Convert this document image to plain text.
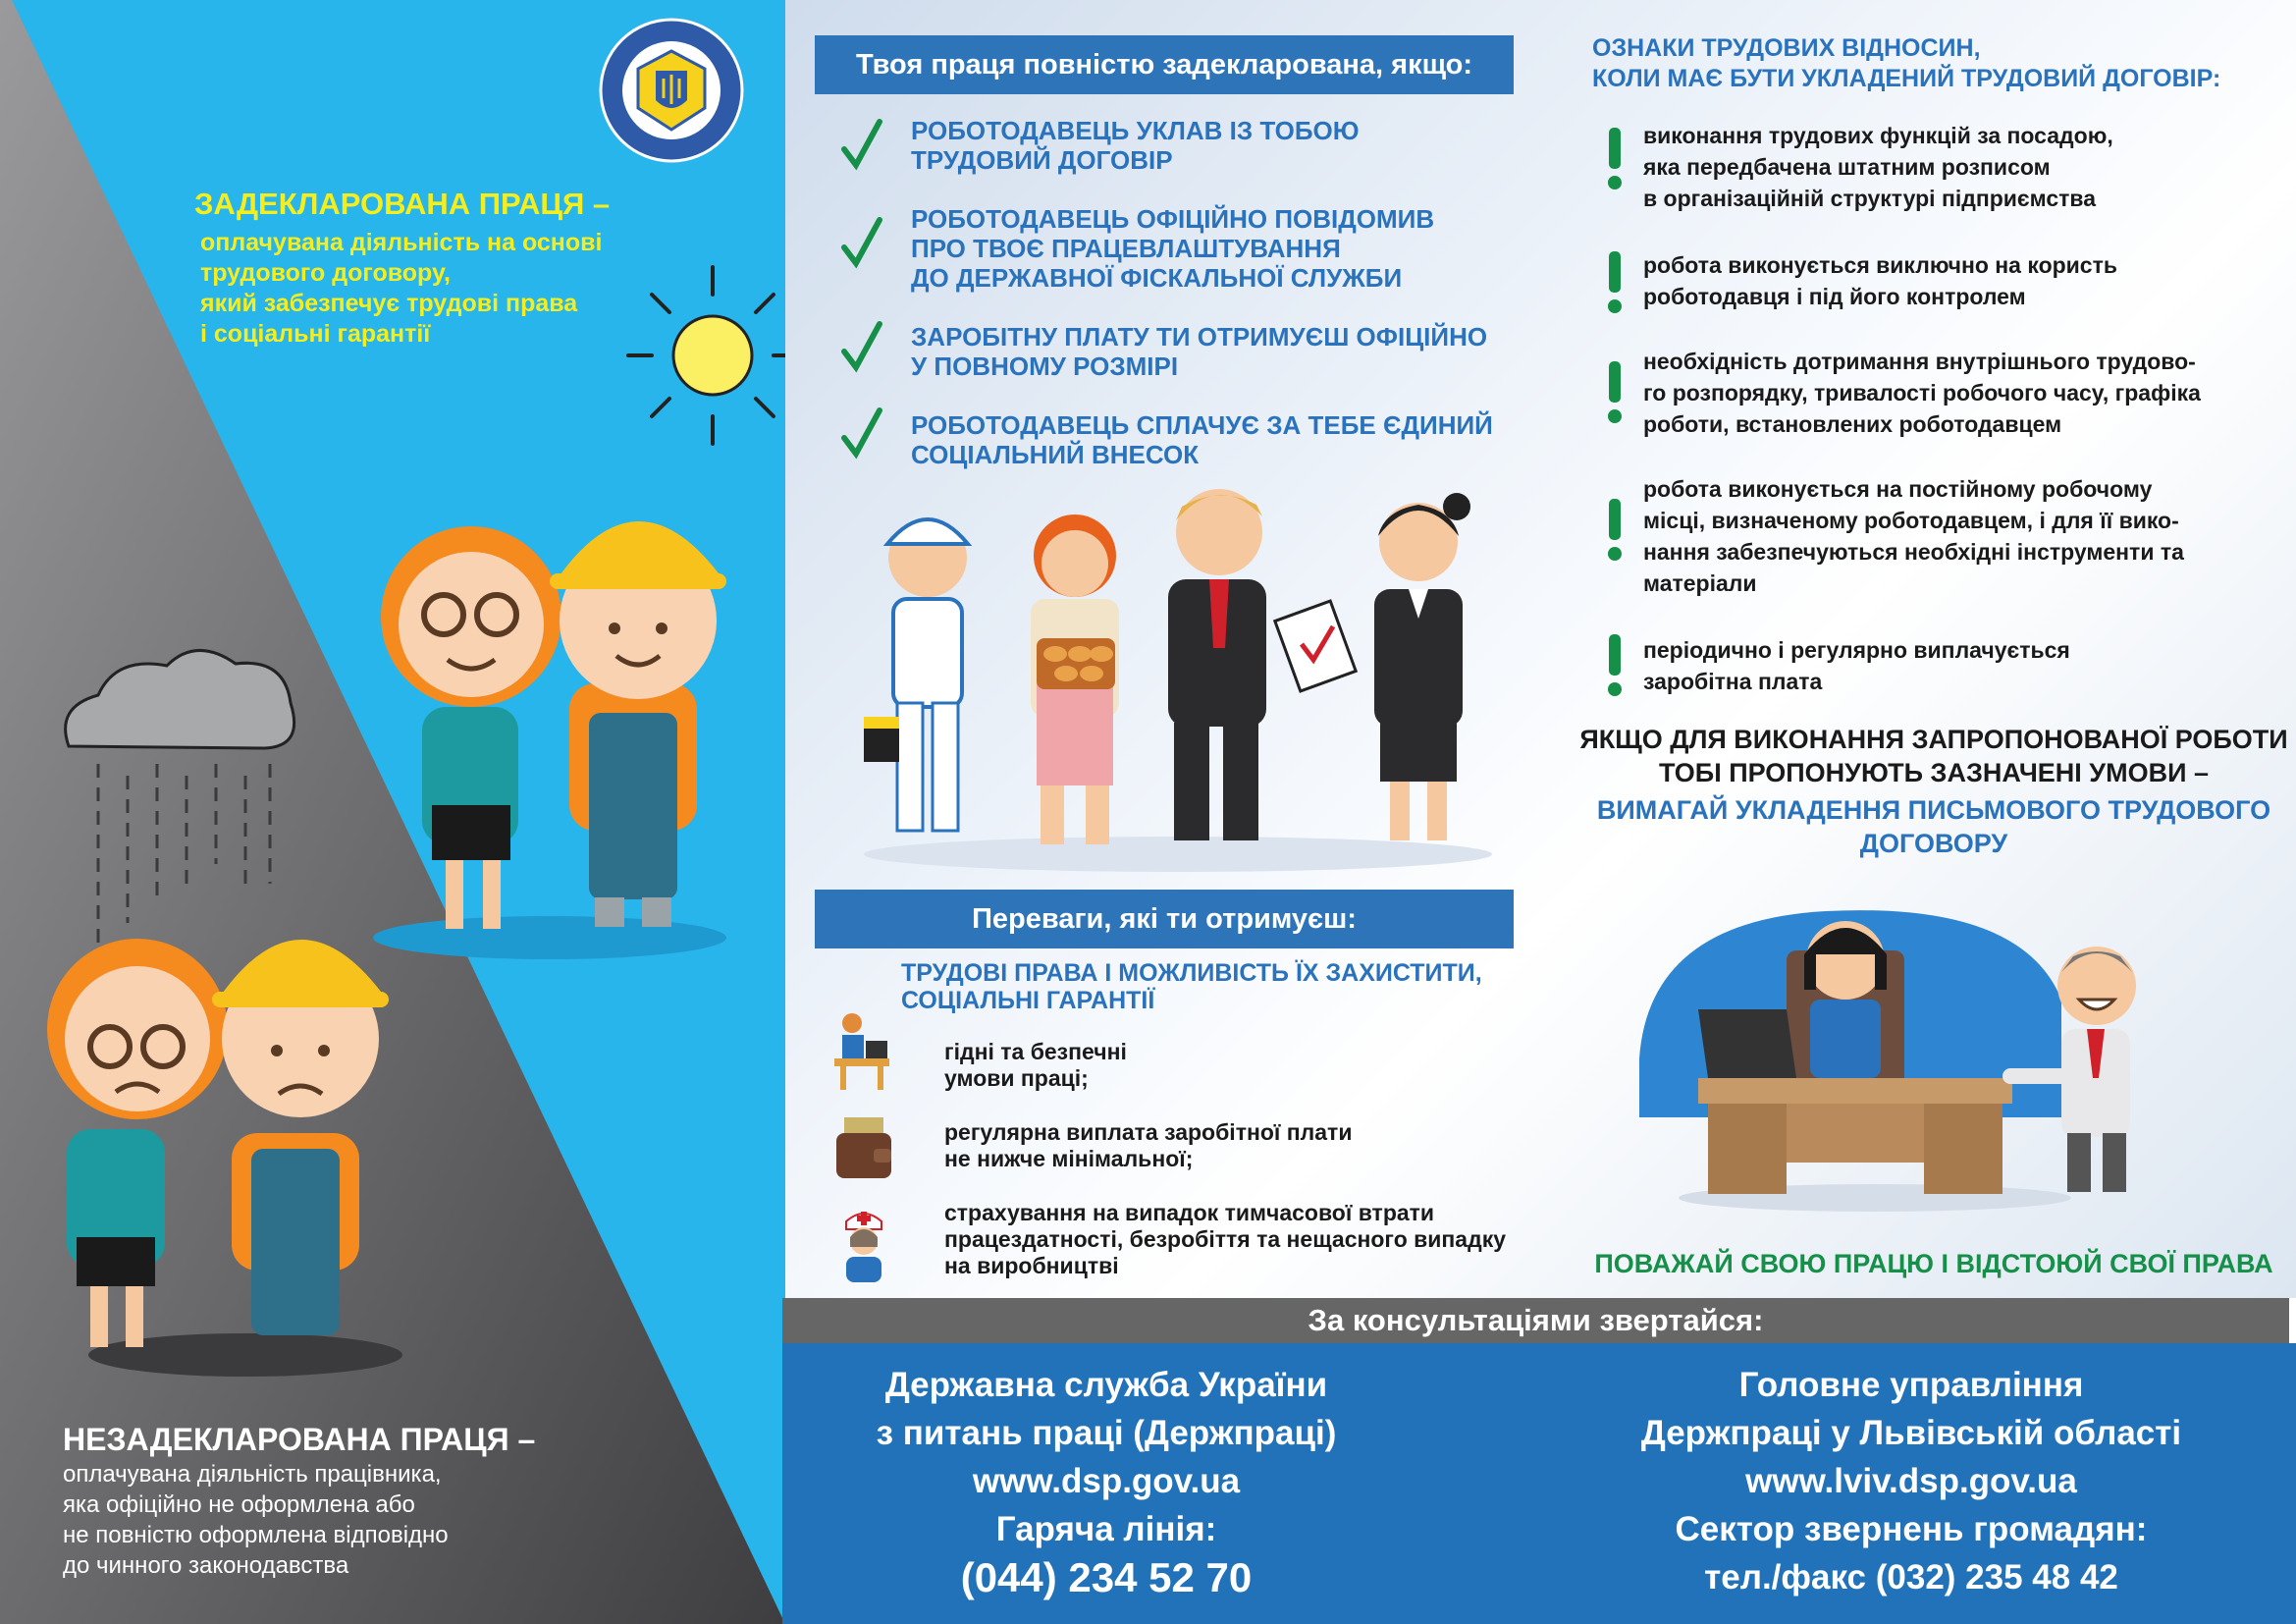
ЗАДЕКЛАРОВАНА ПРАЦЯ –
оплачувана діяльність на основі
трудового договору,
який забезпечує трудові права
і соціальні гарантії
НЕЗАДЕКЛАРОВАНА ПРАЦЯ –
оплачувана діяльність працівника,
яка офіційно не оформлена або
не повністю оформлена відповідно
до чинного законодавства
Твоя праця повністю задекларована, якщо:
РОБОТОДАВЕЦЬ УКЛАВ ІЗ ТОБОЮ
ТРУДОВИЙ ДОГОВІР
РОБОТОДАВЕЦЬ ОФІЦІЙНО ПОВІДОМИВ
ПРО ТВОЄ ПРАЦЕВЛАШТУВАННЯ
ДО ДЕРЖАВНОЇ ФІСКАЛЬНОЇ СЛУЖБИ
ЗАРОБІТНУ ПЛАТУ ТИ ОТРИМУЄШ ОФІЦІЙНО
У ПОВНОМУ РОЗМІРІ
РОБОТОДАВЕЦЬ СПЛАЧУЄ ЗА ТЕБЕ ЄДИНИЙ
СОЦІАЛЬНИЙ ВНЕСОК
Переваги, які ти отримуєш:
ТРУДОВІ ПРАВА І МОЖЛИВІСТЬ ЇХ ЗАХИСТИТИ,
СОЦІАЛЬНІ ГАРАНТІЇ
гідні та безпечні
умови праці;
регулярна виплата заробітної плати
не нижче мінімальної;
страхування на випадок тимчасової втрати
працездатності, безробіття та нещасного випадку
на виробництві
ОЗНАКИ ТРУДОВИХ ВІДНОСИН,
КОЛИ МАЄ БУТИ УКЛАДЕНИЙ ТРУДОВИЙ ДОГОВІР:
виконання трудових функцій за посадою,
яка передбачена штатним розписом
в організаційній структурі підприємства
робота виконується виключно на користь
роботодавця і під його контролем
необхідність дотримання внутрішнього трудово-
го розпорядку, тривалості робочого часу, графіка
роботи, встановлених роботодавцем
робота виконується на постійному робочому
місці, визначеному роботодавцем, і для її вико-
нання забезпечуються необхідні інструменти та
матеріали
періодично і регулярно виплачується
заробітна плата
ЯКЩО ДЛЯ ВИКОНАННЯ ЗАПРОПОНОВАНОЇ РОБОТИ
ТОБІ ПРОПОНУЮТЬ ЗАЗНАЧЕНІ УМОВИ –
ВИМАГАЙ УКЛАДЕННЯ ПИСЬМОВОГО ТРУДОВОГО
ДОГОВОРУ
ПОВАЖАЙ СВОЮ ПРАЦЮ І ВІДСТОЮЙ СВОЇ ПРАВА
За консультаціями звертайся:
Державна служба України
з питань праці (Держпраці)
www.dsp.gov.ua
Гаряча лінія:
(044) 234 52 70
Головне управління
Держпраці у Львівській області
www.lviv.dsp.gov.ua
Сектор звернень громадян:
тел./факс (032) 235 48 42
